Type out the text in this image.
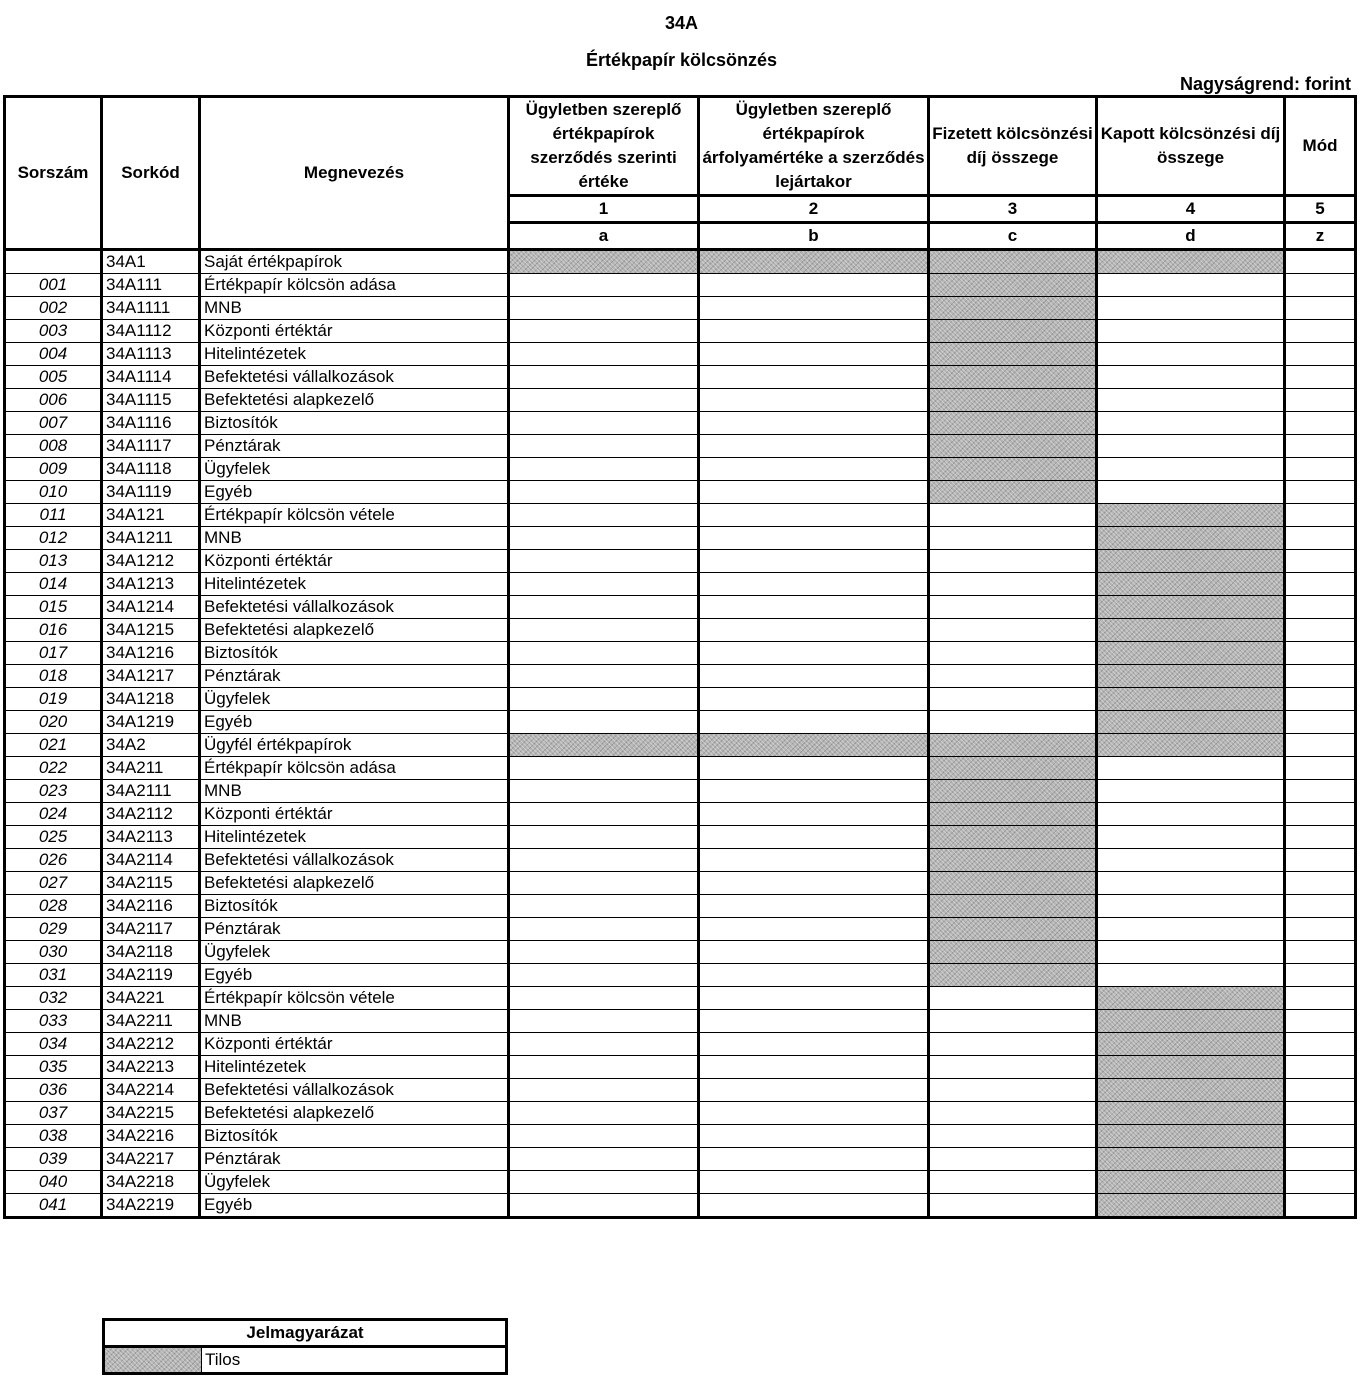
34A
Értékpapír kölcsönzés
Nagyságrend: forint
Sorszám	Sorkód	Megnevezés	Ügyletben szereplő értékpapírok szerződés szerinti értéke	Ügyletben szereplő értékpapírok árfolyamértéke a szerződés lejártakor	Fizetett kölcsönzési díj összege	Kapott kölcsönzési díj összege	Mód
			1	2	3	4	5
			a	b	c	d	z
	34A1	Saját értékpapírok					
001	34A111	Értékpapír kölcsön adása					
002	34A1111	MNB					
003	34A1112	Központi értéktár					
004	34A1113	Hitelintézetek					
005	34A1114	Befektetési vállalkozások					
006	34A1115	Befektetési alapkezelő					
007	34A1116	Biztosítók					
008	34A1117	Pénztárak					
009	34A1118	Ügyfelek					
010	34A1119	Egyéb					
011	34A121	Értékpapír kölcsön vétele					
012	34A1211	MNB					
013	34A1212	Központi értéktár					
014	34A1213	Hitelintézetek					
015	34A1214	Befektetési vállalkozások					
016	34A1215	Befektetési alapkezelő					
017	34A1216	Biztosítók					
018	34A1217	Pénztárak					
019	34A1218	Ügyfelek					
020	34A1219	Egyéb					
021	34A2	Ügyfél értékpapírok					
022	34A211	Értékpapír kölcsön adása					
023	34A2111	MNB					
024	34A2112	Központi értéktár					
025	34A2113	Hitelintézetek					
026	34A2114	Befektetési vállalkozások					
027	34A2115	Befektetési alapkezelő					
028	34A2116	Biztosítók					
029	34A2117	Pénztárak					
030	34A2118	Ügyfelek					
031	34A2119	Egyéb					
032	34A221	Értékpapír kölcsön vétele					
033	34A2211	MNB					
034	34A2212	Központi értéktár					
035	34A2213	Hitelintézetek					
036	34A2214	Befektetési vállalkozások					
037	34A2215	Befektetési alapkezelő					
038	34A2216	Biztosítók					
039	34A2217	Pénztárak					
040	34A2218	Ügyfelek					
041	34A2219	Egyéb					
Jelmagyarázat
	Tilos
